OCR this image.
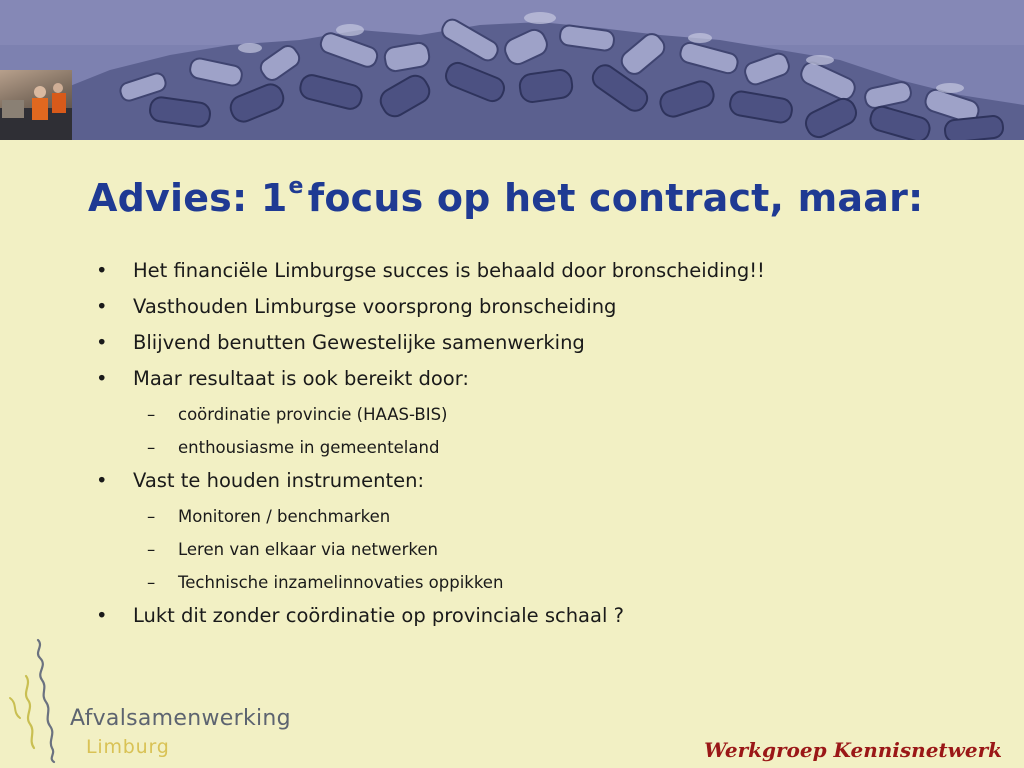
Advies: 1e focus op het contract, maar:
• Het financiële Limburgse succes is behaald door bronscheiding!!
• Vasthouden Limburgse voorsprong bronscheiding
• Blijvend benutten Gewestelijke samenwerking
• Maar resultaat is ook bereikt door:
– coördinatie provincie (HAAS-BIS)
– enthousiasme in gemeenteland
• Vast te houden instrumenten:
– Monitoren / benchmarken
– Leren van elkaar via netwerken
– Technische inzamelinnovaties oppikken
• Lukt dit zonder coördinatie op provinciale schaal ?
Afvalsamenwerking
Limburg	Werkgroep Kennisnetwerk
